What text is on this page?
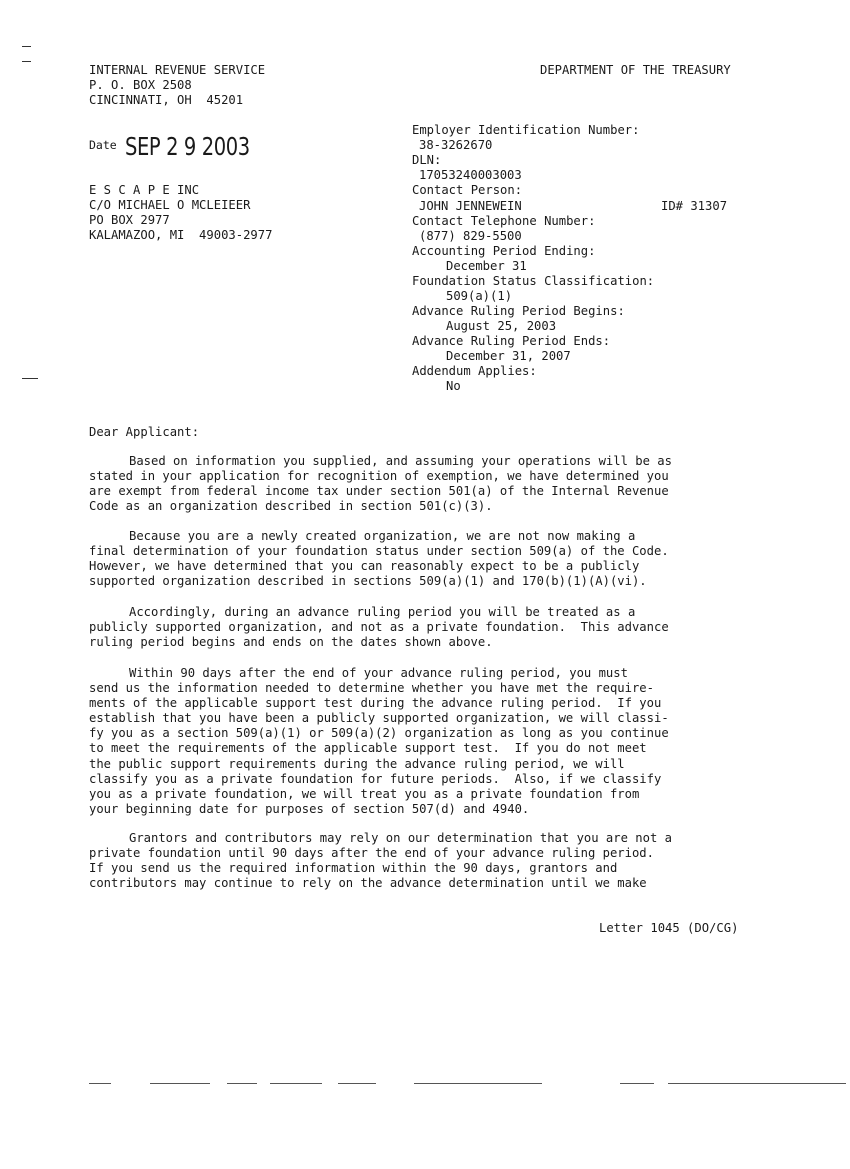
INTERNAL REVENUE SERVICE
P. O. BOX 2508
CINCINNATI, OH  45201
DEPARTMENT OF THE TREASURY
Date SEP 2 9 2003
E S C A P E INC
C/O MICHAEL O MCLEIEER
PO BOX 2977
KALAMAZOO, MI  49003-2977
Employer Identification Number:
38-3262670
DLN:
17053240003003
Contact Person:
JOHN JENNEWEIN	ID# 31307
Contact Telephone Number:
(877) 829-5500
Accounting Period Ending:
December 31
Foundation Status Classification:
509(a)(1)
Advance Ruling Period Begins:
August 25, 2003
Advance Ruling Period Ends:
December 31, 2007
Addendum Applies:
No
Dear Applicant:
Based on information you supplied, and assuming your operations will be as
stated in your application for recognition of exemption, we have determined you
are exempt from federal income tax under section 501(a) of the Internal Revenue
Code as an organization described in section 501(c)(3).
Because you are a newly created organization, we are not now making a
final determination of your foundation status under section 509(a) of the Code.
However, we have determined that you can reasonably expect to be a publicly
supported organization described in sections 509(a)(1) and 170(b)(1)(A)(vi).
Accordingly, during an advance ruling period you will be treated as a
publicly supported organization, and not as a private foundation.  This advance
ruling period begins and ends on the dates shown above.
Within 90 days after the end of your advance ruling period, you must
send us the information needed to determine whether you have met the require-
ments of the applicable support test during the advance ruling period.  If you
establish that you have been a publicly supported organization, we will classi-
fy you as a section 509(a)(1) or 509(a)(2) organization as long as you continue
to meet the requirements of the applicable support test.  If you do not meet
the public support requirements during the advance ruling period, we will
classify you as a private foundation for future periods.  Also, if we classify
you as a private foundation, we will treat you as a private foundation from
your beginning date for purposes of section 507(d) and 4940.
Grantors and contributors may rely on our determination that you are not a
private foundation until 90 days after the end of your advance ruling period.
If you send us the required information within the 90 days, grantors and
contributors may continue to rely on the advance determination until we make
Letter 1045 (DO/CG)
